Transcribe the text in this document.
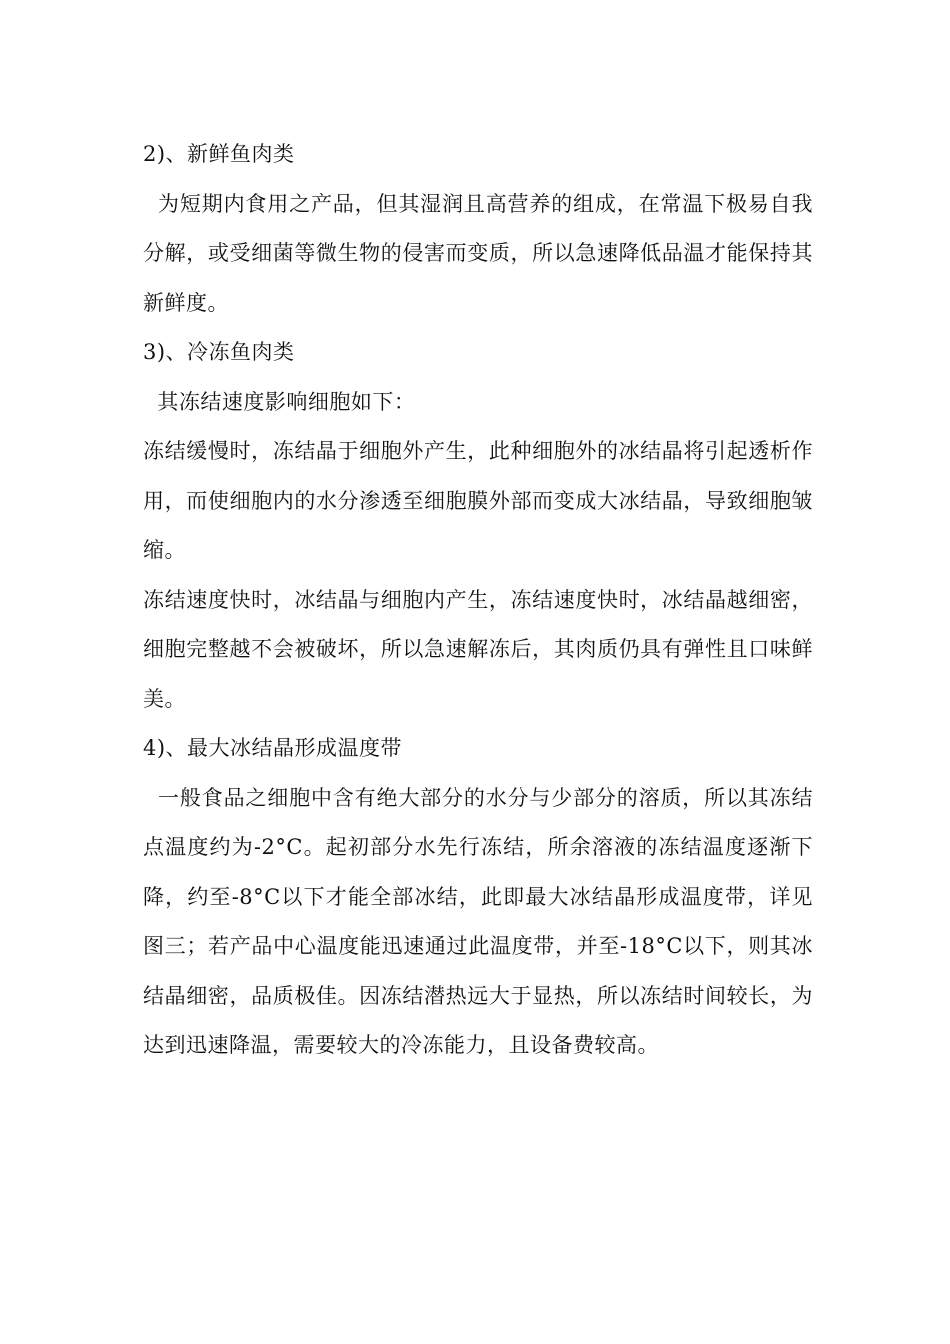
2)、新鲜鱼肉类

为短期内食用之产品，但其湿润且高营养的组成，在常温下极易自我分解，或受细菌等微生物的侵害而变质，所以急速降低品温才能保持其新鲜度。

3)、冷冻鱼肉类

其冻结速度影响细胞如下：

冻结缓慢时，冻结晶于细胞外产生，此种细胞外的冰结晶将引起透析作用，而使细胞内的水分渗透至细胞膜外部而变成大冰结晶，导致细胞皱缩。

冻结速度快时，冰结晶与细胞内产生，冻结速度快时，冰结晶越细密，细胞完整越不会被破坏，所以急速解冻后，其肉质仍具有弹性且口味鲜美。

4)、最大冰结晶形成温度带

一般食品之细胞中含有绝大部分的水分与少部分的溶质，所以其冻结点温度约为-2°C。起初部分水先行冻结，所余溶液的冻结温度逐渐下降，约至-8°C以下才能全部冰结，此即最大冰结晶形成温度带，详见图三；若产品中心温度能迅速通过此温度带，并至-18°C以下，则其冰结晶细密，品质极佳。因冻结潜热远大于显热，所以冻结时间较长，为达到迅速降温，需要较大的冷冻能力，且设备费较高。
